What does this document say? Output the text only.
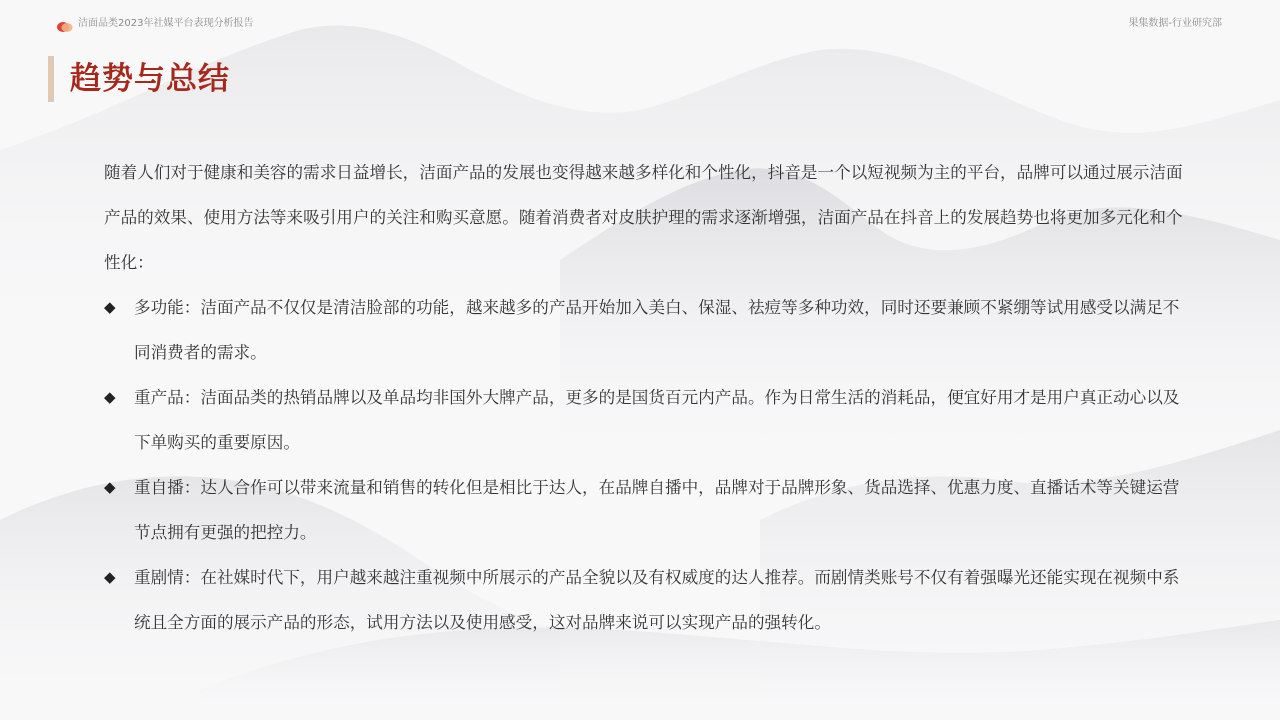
洁面品类2023年社媒平台表现分析报告	果集数据-行业研究部
趋势与总结

随着人们对于健康和美容的需求日益增长，洁面产品的发展也变得越来越多样化和个性化，抖音是一个以短视频为主的平台，品牌可以通过展示洁面产品的效果、使用方法等来吸引用户的关注和购买意愿。随着消费者对皮肤护理的需求逐渐增强，洁面产品在抖音上的发展趋势也将更加多元化和个性化：

◆ 多功能：洁面产品不仅仅是清洁脸部的功能，越来越多的产品开始加入美白、保湿、祛痘等多种功效，同时还要兼顾不紧绷等试用感受以满足不同消费者的需求。
◆ 重产品：洁面品类的热销品牌以及单品均非国外大牌产品，更多的是国货百元内产品。作为日常生活的消耗品，便宜好用才是用户真正动心以及下单购买的重要原因。
◆ 重自播：达人合作可以带来流量和销售的转化但是相比于达人，在品牌自播中，品牌对于品牌形象、货品选择、优惠力度、直播话术等关键运营节点拥有更强的把控力。
◆ 重剧情：在社媒时代下，用户越来越注重视频中所展示的产品全貌以及有权威度的达人推荐。而剧情类账号不仅有着强曝光还能实现在视频中系统且全方面的展示产品的形态，试用方法以及使用感受，这对品牌来说可以实现产品的强转化。
